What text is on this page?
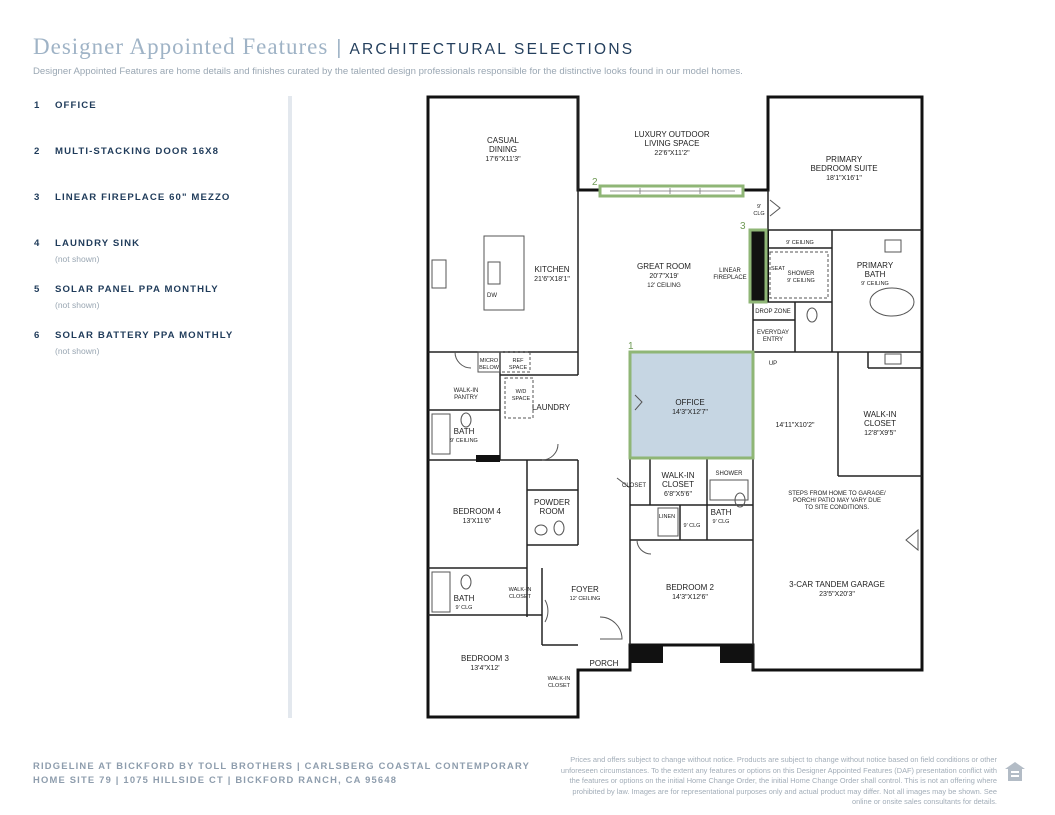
Designer Appointed Features | ARCHITECTURAL SELECTIONS
Designer Appointed Features are home details and finishes curated by the talented design professionals responsible for the distinctive looks found in our model homes.
1 OFFICE
2 MULTI-STACKING DOOR 16X8
3 LINEAR FIREPLACE 60" MEZZO
4 LAUNDRY SINK
(not shown)
5 SOLAR PANEL PPA MONTHLY
(not shown)
6 SOLAR BATTERY PPA MONTHLY
(not shown)
CASUAL
DINING
17'6"X11'3"
KITCHEN
21'6"X18'1"
DW
MICRO
BELOW
REF
SPACE
LUXURY OUTDOOR
LIVING SPACE
22'6"X11'2"
PRIMARY
BEDROOM SUITE
18'1"X16'1"
9'
CLG
GREAT ROOM
20'7"X19'
12' CEILING
LINEAR
FIREPLACE
9' CEILING
SEAT
SHOWER
9' CEILING
PRIMARY
BATH
9' CEILING
DROP ZONE
EVERYDAY
ENTRY
UP
WALK-IN
PANTRY
W/D
SPACE
LAUNDRY
OFFICE
14'3"X12'7"
14'11"X10'2"
WALK-IN
CLOSET
12'8"X9'5"
BATH
9' CEILING
CLOSET
WALK-IN
CLOSET
6'8"X5'6"
SHOWER
LINEN
9' CLG
BATH
9' CLG
BEDROOM 4
13'X11'6"
POWDER
ROOM
STEPS FROM HOME TO GARAGE/
PORCH/ PATIO MAY VARY DUE
TO SITE CONDITIONS.
BATH
9' CLG
WALK-IN
CLOSET
FOYER
12' CEILING
BEDROOM 2
14'3"X12'6"
3-CAR TANDEM GARAGE
23'5"X20'3"
BEDROOM 3
13'4"X12'
PORCH
WALK-IN
CLOSET
1
2
3
RIDGELINE AT BICKFORD BY TOLL BROTHERS | CARLSBERG COASTAL CONTEMPORARY
HOME SITE 79 | 1075 HILLSIDE CT | BICKFORD RANCH, CA 95648
Prices and offers subject to change without notice. Products are subject to change without notice based on field conditions or other unforeseen circumstances. To the extent any features or options on this Designer Appointed Features (DAF) presentation conflict with the features or options on the initial Home Change Order, the initial Home Change Order shall control. This is not an offering where prohibited by law. Images are for representational purposes only and actual product may differ. Not all images may be shown. See online or onsite sales consultants for details.
